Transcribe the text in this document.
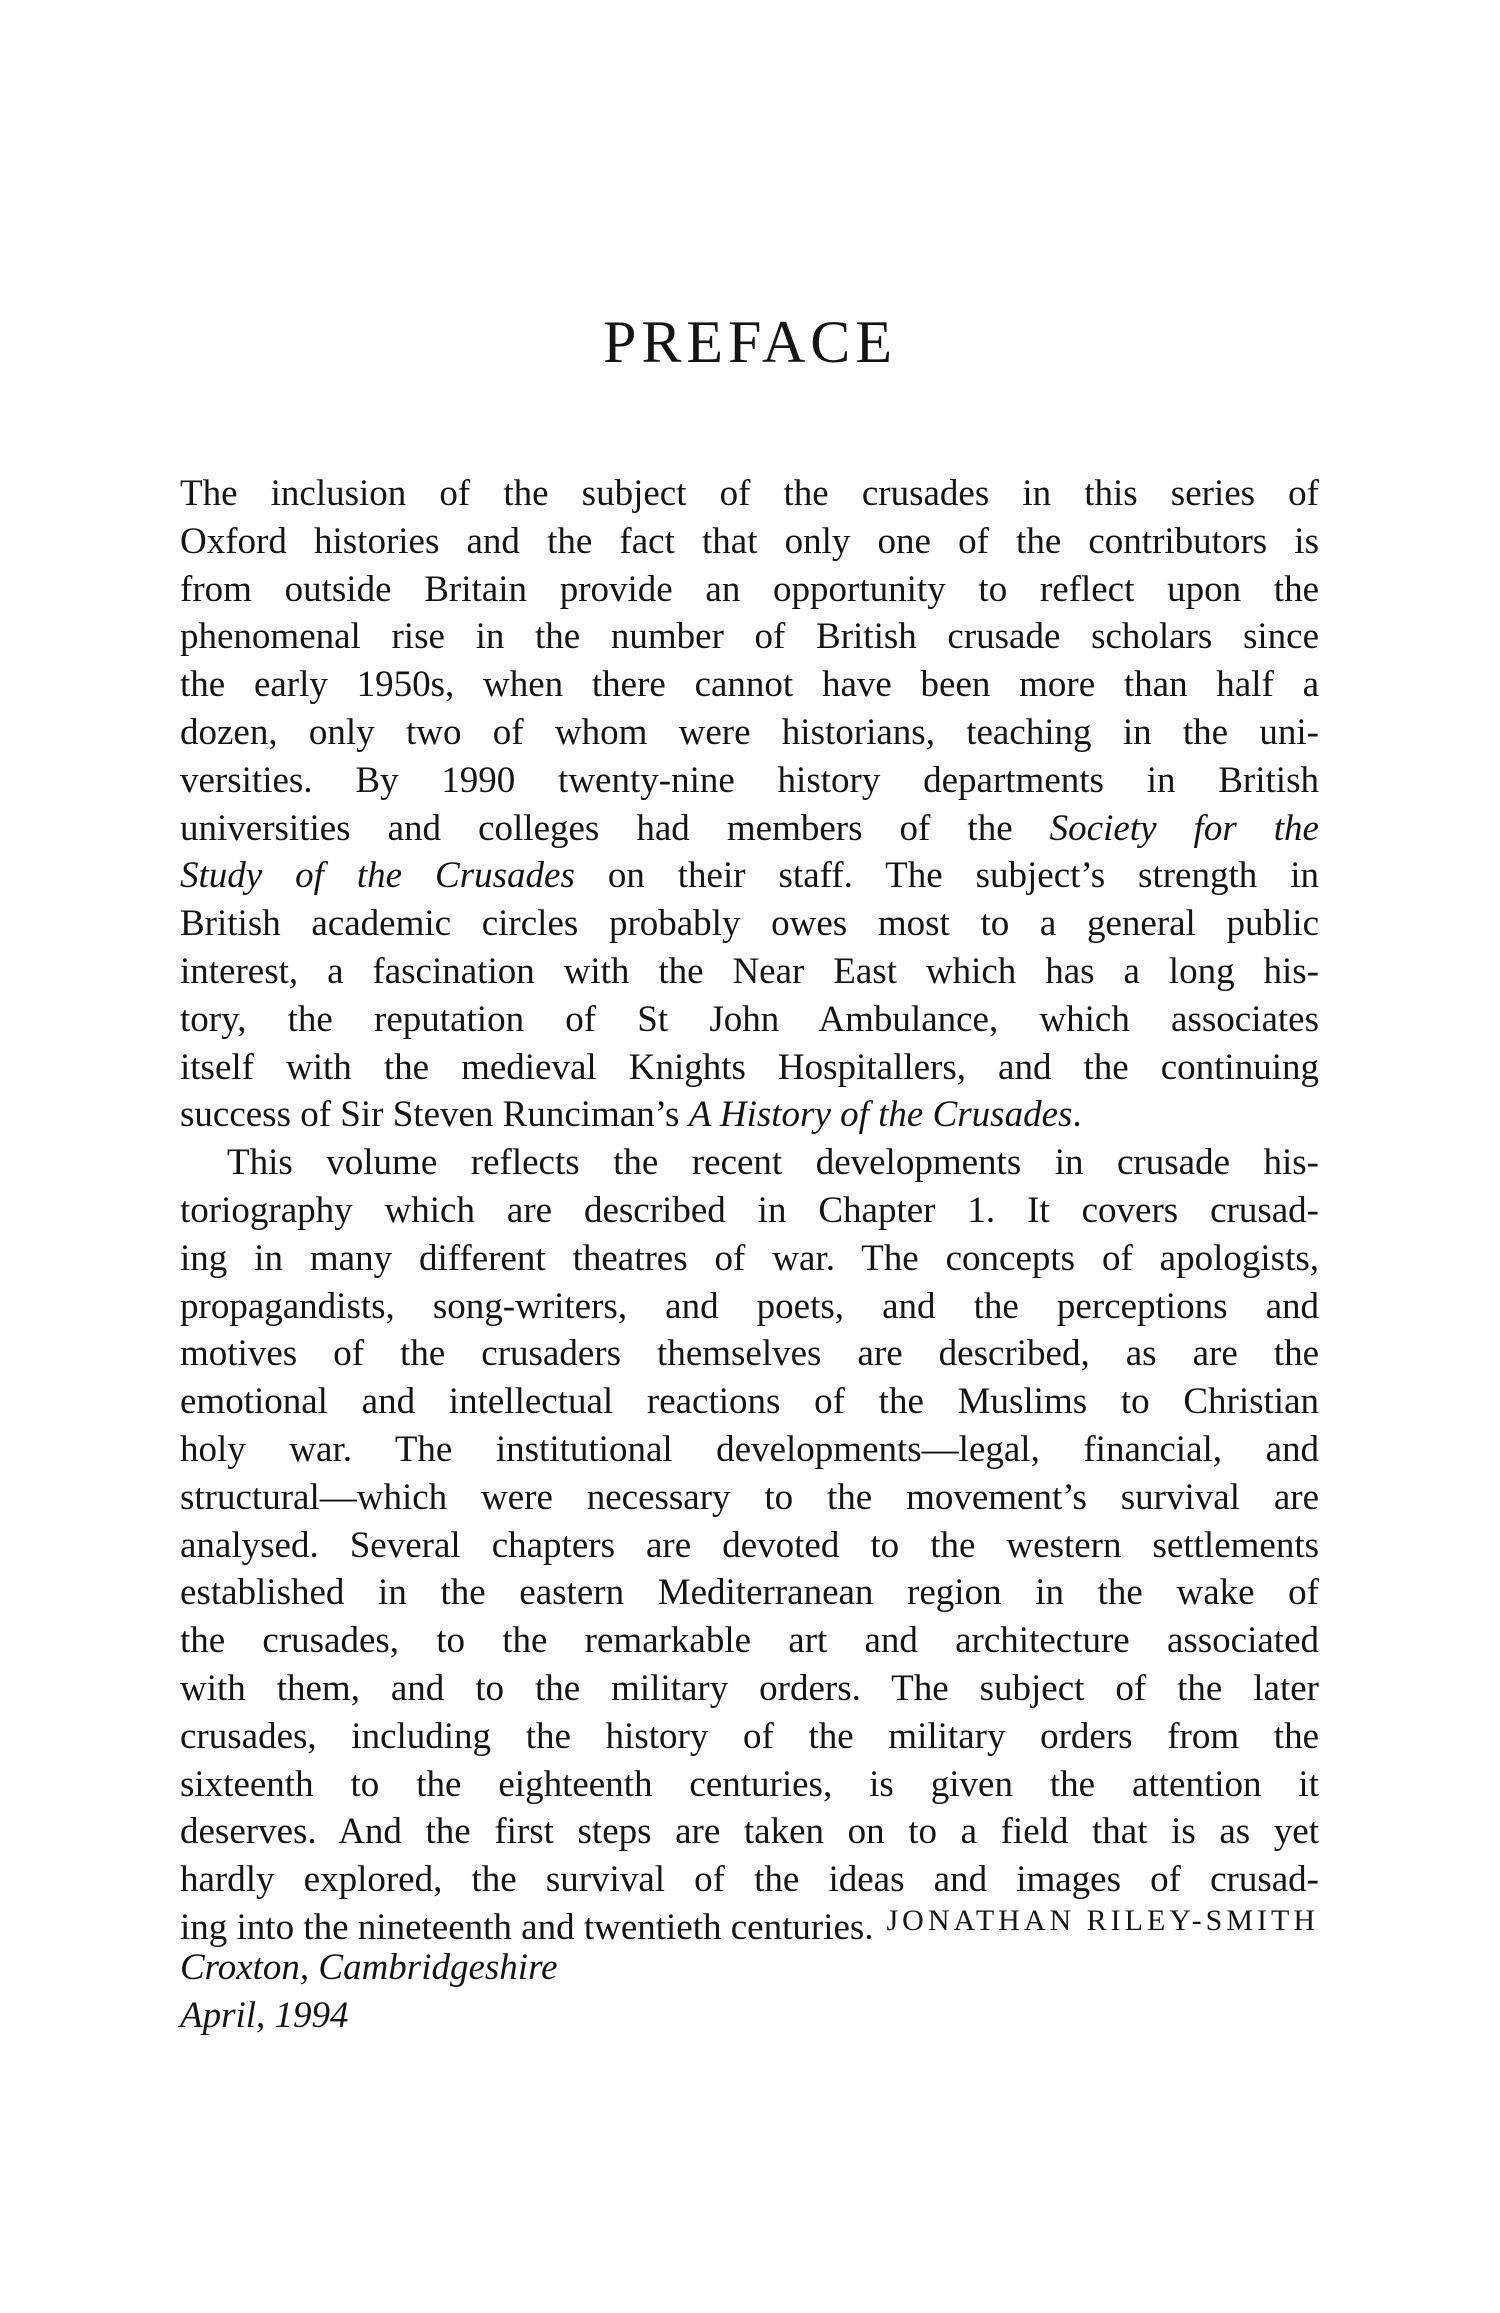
PREFACE
The inclusion of the subject of the crusades in this series of
Oxford histories and the fact that only one of the contributors is
from outside Britain provide an opportunity to reflect upon the
phenomenal rise in the number of British crusade scholars since
the early 1950s, when there cannot have been more than half a
dozen, only two of whom were historians, teaching in the uni-
versities. By 1990 twenty-nine history departments in British
universities and colleges had members of the Society for the
Study of the Crusades on their staff. The subject’s strength in
British academic circles probably owes most to a general public
interest, a fascination with the Near East which has a long his-
tory, the reputation of St John Ambulance, which associates
itself with the medieval Knights Hospitallers, and the continuing
success of Sir Steven Runciman’s A History of the Crusades.
This volume reflects the recent developments in crusade his-
toriography which are described in Chapter 1. It covers crusad-
ing in many different theatres of war. The concepts of apologists,
propagandists, song-writers, and poets, and the perceptions and
motives of the crusaders themselves are described, as are the
emotional and intellectual reactions of the Muslims to Christian
holy war. The institutional developments—legal, financial, and
structural—which were necessary to the movement’s survival are
analysed. Several chapters are devoted to the western settlements
established in the eastern Mediterranean region in the wake of
the crusades, to the remarkable art and architecture associated
with them, and to the military orders. The subject of the later
crusades, including the history of the military orders from the
sixteenth to the eighteenth centuries, is given the attention it
deserves. And the first steps are taken on to a field that is as yet
hardly explored, the survival of the ideas and images of crusad-
ing into the nineteenth and twentieth centuries. JONATHAN RILEY-SMITH
Croxton, Cambridgeshire
April, 1994
